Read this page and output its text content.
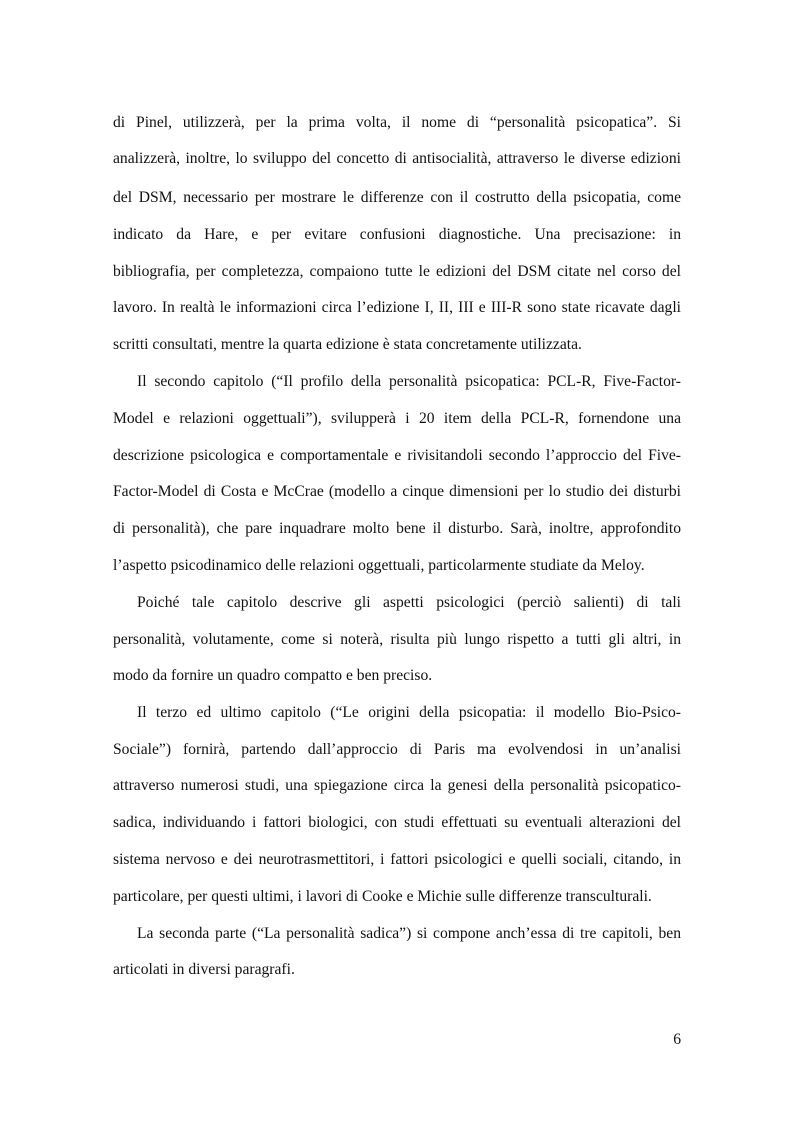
di Pinel, utilizzerà, per la prima volta, il nome di “personalità psicopatica”. Si
analizzerà, inoltre, lo sviluppo del concetto di antisocialità, attraverso le diverse edizioni
del DSM, necessario per mostrare le differenze con il costrutto della psicopatia, come
indicato da Hare, e per evitare confusioni diagnostiche. Una precisazione: in
bibliografia, per completezza, compaiono tutte le edizioni del DSM citate nel corso del
lavoro. In realtà le informazioni circa l’edizione I, II, III e III-R sono state ricavate dagli
scritti consultati, mentre la quarta edizione è stata concretamente utilizzata.
Il secondo capitolo (“Il profilo della personalità psicopatica: PCL-R, Five-Factor-
Model e relazioni oggettuali”), svilupperà i 20 item della PCL-R, fornendone una
descrizione psicologica e comportamentale e rivisitandoli secondo l’approccio del Five-
Factor-Model di Costa e McCrae (modello a cinque dimensioni per lo studio dei disturbi
di personalità), che pare inquadrare molto bene il disturbo. Sarà, inoltre, approfondito
l’aspetto psicodinamico delle relazioni oggettuali, particolarmente studiate da Meloy.
Poiché tale capitolo descrive gli aspetti psicologici (perciò salienti) di tali
personalità, volutamente, come si noterà, risulta più lungo rispetto a tutti gli altri, in
modo da fornire un quadro compatto e ben preciso.
Il terzo ed ultimo capitolo (“Le origini della psicopatia: il modello Bio-Psico-
Sociale”) fornirà, partendo dall’approccio di Paris ma evolvendosi in un’analisi
attraverso numerosi studi, una spiegazione circa la genesi della personalità psicopatico-
sadica, individuando i fattori biologici, con studi effettuati su eventuali alterazioni del
sistema nervoso e dei neurotrasmettitori, i fattori psicologici e quelli sociali, citando, in
particolare, per questi ultimi, i lavori di Cooke e Michie sulle differenze transculturali.
La seconda parte (“La personalità sadica”) si compone anch’essa di tre capitoli, ben
articolati in diversi paragrafi.
6
